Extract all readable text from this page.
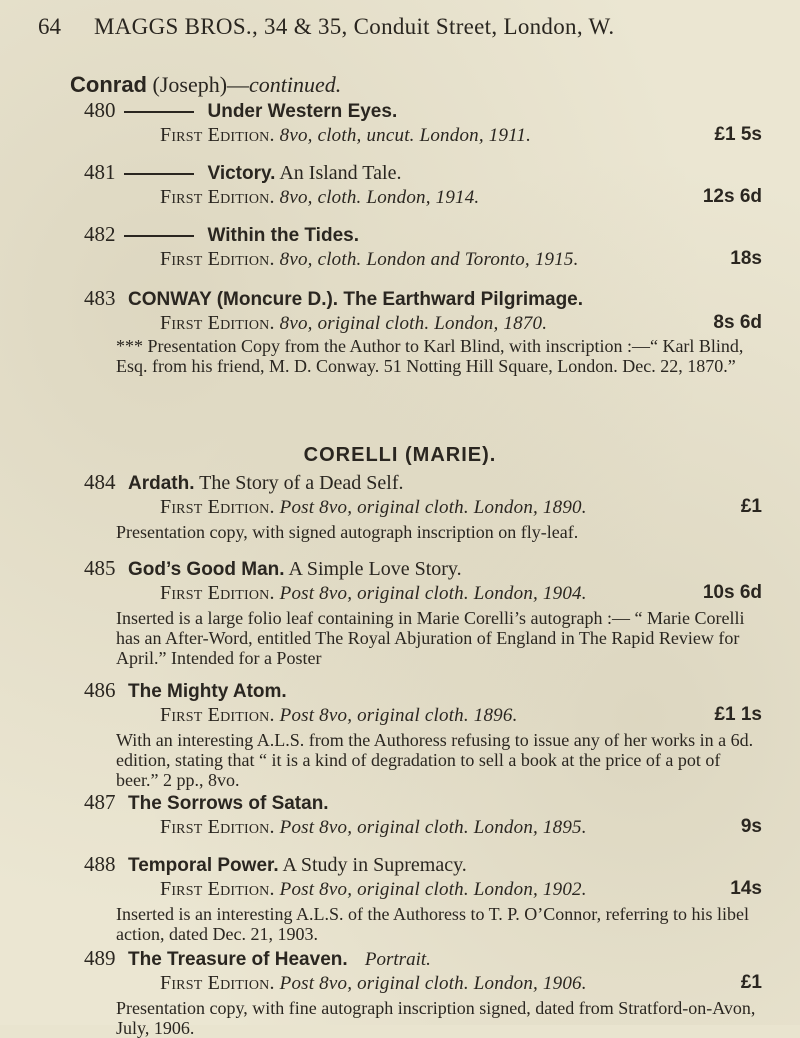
64 MAGGS BROS., 34 & 35, Conduit Street, London, W.
Conrad (Joseph)—continued.
480	Under Western Eyes.
First Edition. 8vo, cloth, uncut. London, 1911.	£1 5s
481	Victory. An Island Tale.
First Edition. 8vo, cloth. London, 1914.	12s 6d
482	Within the Tides.
First Edition. 8vo, cloth. London and Toronto, 1915.	18s
483 CONWAY (Moncure D.). The Earthward Pilgrimage.
First Edition. 8vo, original cloth. London, 1870.	8s 6d
*** Presentation Copy from the Author to Karl Blind, with inscription :—“ Karl Blind, Esq. from his friend, M. D. Conway. 51 Notting Hill Square, London. Dec. 22, 1870.”
CORELLI (MARIE).
484 Ardath. The Story of a Dead Self.
First Edition. Post 8vo, original cloth. London, 1890.	£1
Presentation copy, with signed autograph inscription on fly-leaf.
485 God’s Good Man. A Simple Love Story.
First Edition. Post 8vo, original cloth. London, 1904.	10s 6d
Inserted is a large folio leaf containing in Marie Corelli’s autograph :— “ Marie Corelli has an After-Word, entitled The Royal Abjuration of England in The Rapid Review for April.” Intended for a Poster
486 The Mighty Atom.
First Edition. Post 8vo, original cloth. 1896.	£1 1s
With an interesting A.L.S. from the Authoress refusing to issue any of her works in a 6d. edition, stating that “ it is a kind of degradation to sell a book at the price of a pot of beer.” 2 pp., 8vo.
487 The Sorrows of Satan.
First Edition. Post 8vo, original cloth. London, 1895.	9s
488 Temporal Power. A Study in Supremacy.
First Edition. Post 8vo, original cloth. London, 1902.	14s
Inserted is an interesting A.L.S. of the Authoress to T. P. O’Connor, referring to his libel action, dated Dec. 21, 1903.
489 The Treasure of Heaven. Portrait.
First Edition. Post 8vo, original cloth. London, 1906.	£1
Presentation copy, with fine autograph inscription signed, dated from Stratford-on-Avon, July, 1906.
